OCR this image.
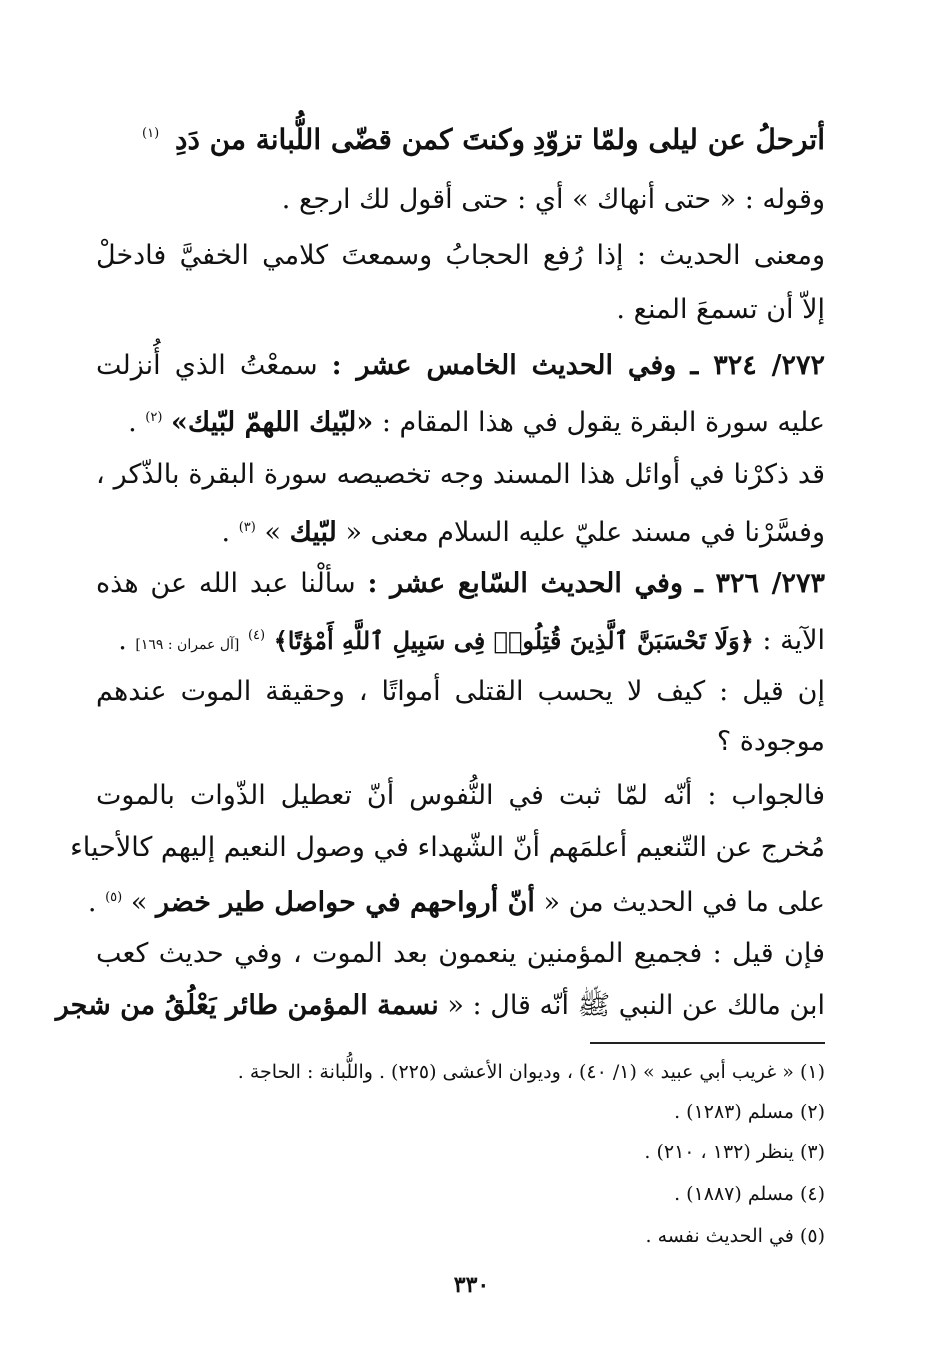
أترحلُ عن ليلى ولمّا تزوّدِ
وكنتَ كمن قضّى اللُّبانة من دَدِ
(١)
وقوله : « حتى أنهاك » أي : حتى أقول لك ارجع .
ومعنى الحديث : إذا رُفع الحجابُ وسمعتَ كلامي الخفيَّ فادخلْ
إلاّ أن تسمعَ المنع .
٢٧٢/ ٣٢٤ ـ وفي الحديث الخامس عشر : سمعْتُ الذي أُنزلت
عليه سورة البقرة يقول في هذا المقام : «لبّيك اللهمّ لبّيك» $^{(٢)}$ .
قد ذكرْنا في أوائل هذا المسند وجه تخصيصه سورة البقرة بالذّكر ،
وفسَّرْنا في مسند عليّ عليه السلام معنى « لبّيك » $^{(٣)}$ .
٢٧٣/ ٣٢٦ ـ وفي الحديث السّابع عشر : سألْنا عبد الله عن هذه
الآية : ﴿وَلَا تَحْسَبَنَّ ٱلَّذِينَ قُتِلُوا۟ فِى سَبِيلِ ٱللَّهِ أَمْوَٰتًا﴾ $^{(٤)}$ [آل عمران : ١٦٩] .
إن قيل : كيف لا يحسب القتلى أمواتًا ، وحقيقة الموت عندهم
موجودة ؟
فالجواب : أنّه لمّا ثبت في النُّفوس أنّ تعطيل الذّوات بالموت
مُخرج عن التّنعيم أعلمَهم أنّ الشّهداء في وصول النعيم إليهم كالأحياء
على ما في الحديث من « أنّ أرواحهم في حواصل طير خضر » $^{(٥)}$ .
فإن قيل : فجميع المؤمنين ينعمون بعد الموت ، وفي حديث كعب
ابن مالك عن النبي ﷺ أنّه قال : « نسمة المؤمن طائر يَعْلُقُ من شجر
(١) « غريب أبي عبيد » (١/ ٤٠) ، وديوان الأعشى (٢٢٥) . واللُّبانة : الحاجة .
(٢) مسلم (١٢٨٣) .
(٣) ينظر (١٣٢ ، ٢١٠) .
(٤) مسلم (١٨٨٧) .
(٥) في الحديث نفسه .
٣٣٠
